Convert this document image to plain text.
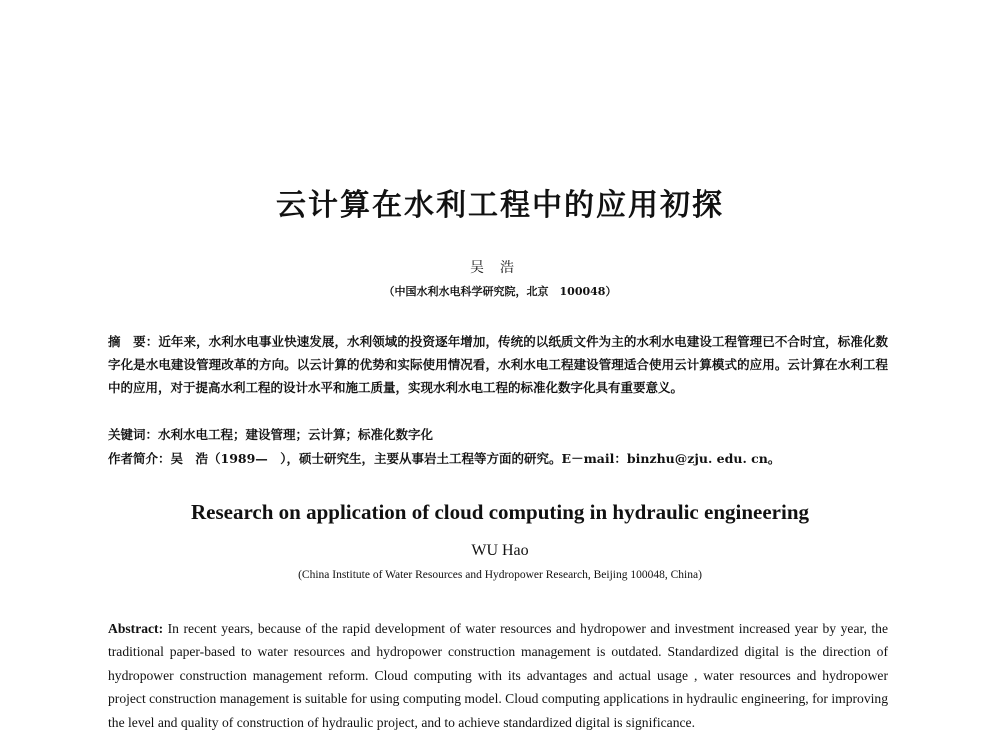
云计算在水利工程中的应用初探
吴浩
（中国水利水电科学研究院，北京　100048）
摘　要：近年来，水利水电事业快速发展，水利领域的投资逐年增加，传统的以纸质文件为主的水利水电建设工程管理已不合时宜，标准化数字化是水电建设管理改革的方向。以云计算的优势和实际使用情况看，水利水电工程建设管理适合使用云计算模式的应用。云计算在水利工程中的应用，对于提高水利工程的设计水平和施工质量，实现水利水电工程的标准化数字化具有重要意义。
关键词：水利水电工程；建设管理；云计算；标准化数字化
作者简介：吴　浩（1989—　），硕士研究生，主要从事岩土工程等方面的研究。E－mail：binzhu@zju. edu. cn。
Research on application of cloud computing in hydraulic engineering
WU Hao
(China Institute of Water Resources and Hydropower Research, Beijing 100048, China)
Abstract: In recent years, because of the rapid development of water resources and hydropower and investment increased year by year, the traditional paper-based to water resources and hydropower construction management is outdated. Standardized digital is the direction of hydropower construction management reform. Cloud computing with its advantages and actual usage , water resources and hydropower project construction management is suitable for using computing model. Cloud computing applications in hydraulic engineering, for improving the level and quality of construction of hydraulic project, and to achieve standardized digital is significance.
